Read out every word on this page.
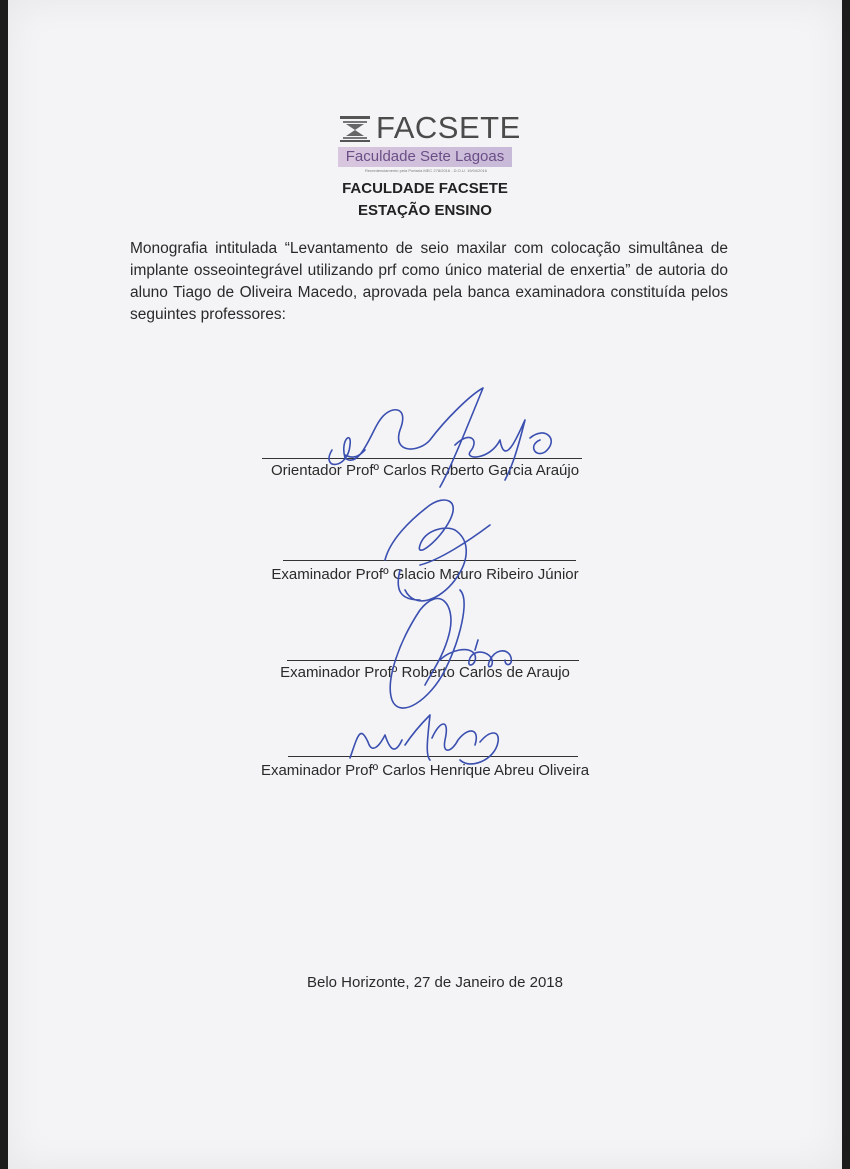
FACSETE
Faculdade Sete Lagoas
Recredenciamento pela Portaria MEC 278/2016 - D.O.U. 19/04/2016
FACULDADE FACSETE
ESTAÇÃO ENSINO
Monografia intitulada “Levantamento de seio maxilar com colocação simultânea de implante osseointegrável utilizando prf como único material de enxertia” de autoria do aluno Tiago de Oliveira Macedo, aprovada pela banca examinadora constituída pelos seguintes professores:
Orientador Profº Carlos Roberto Garcia Araújo
Examinador Profº Glacio Mauro Ribeiro Júnior
Examinador Profº Roberto Carlos de Araujo
Examinador Profº Carlos Henrique Abreu Oliveira
Belo Horizonte, 27 de Janeiro de 2018
